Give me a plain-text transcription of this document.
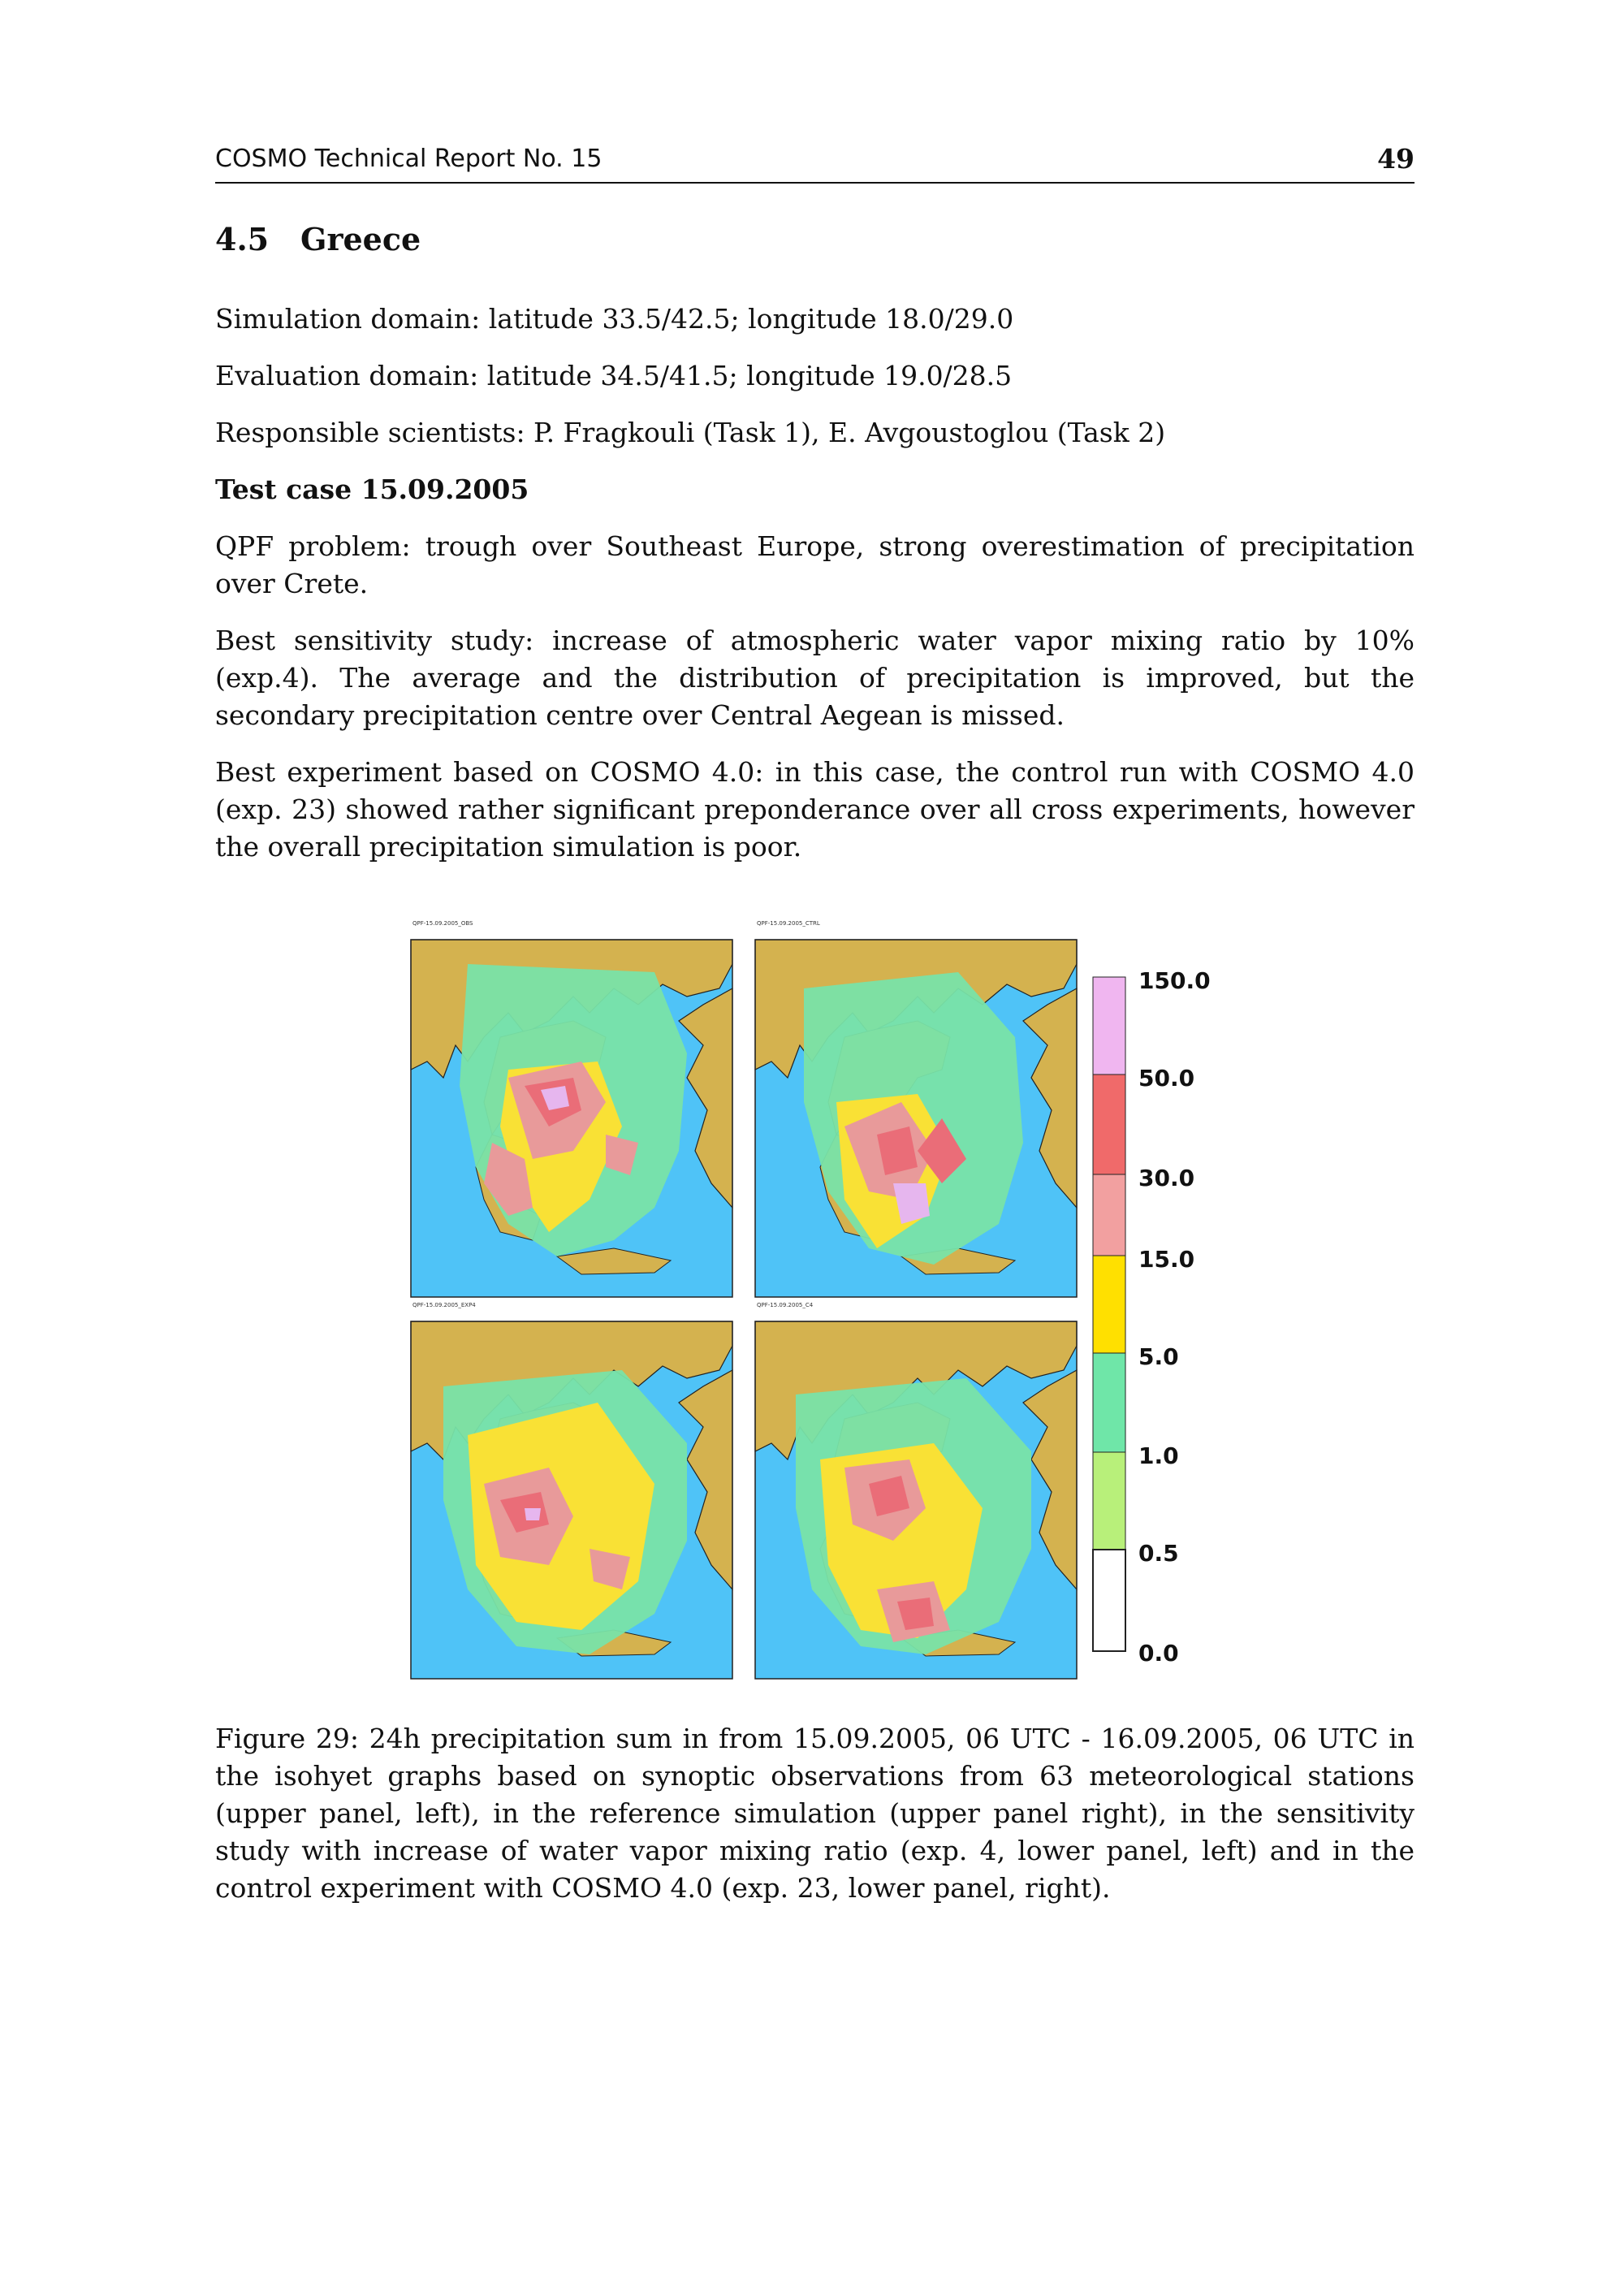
COSMO Technical Report No. 15	49
4.5 Greece
Simulation domain: latitude 33.5/42.5; longitude 18.0/29.0
Evaluation domain: latitude 34.5/41.5; longitude 19.0/28.5
Responsible scientists: P. Fragkouli (Task 1), E. Avgoustoglou (Task 2)
Test case 15.09.2005
QPF problem: trough over Southeast Europe, strong overestimation of precipitation over Crete.
Best sensitivity study: increase of atmospheric water vapor mixing ratio by 10% (exp.4). The average and the distribution of precipitation is improved, but the secondary precipitation centre over Central Aegean is missed.
Best experiment based on COSMO 4.0: in this case, the control run with COSMO 4.0 (exp. 23) showed rather significant preponderance over all cross experiments, however the overall precipitation simulation is poor.
QPF-15.09.2005_OBS	QPF-15.09.2005_CTRL
QPF-15.09.2005_EXP4	QPF-15.09.2005_C4
150.0
50.0
30.0
15.0
5.0
1.0
0.5
0.0
Figure 29: 24h precipitation sum in from 15.09.2005, 06 UTC - 16.09.2005, 06 UTC in the isohyet graphs based on synoptic observations from 63 meteorological stations (upper panel, left), in the reference simulation (upper panel right), in the sensitivity study with increase of water vapor mixing ratio (exp. 4, lower panel, left) and in the control experiment with COSMO 4.0 (exp. 23, lower panel, right).
